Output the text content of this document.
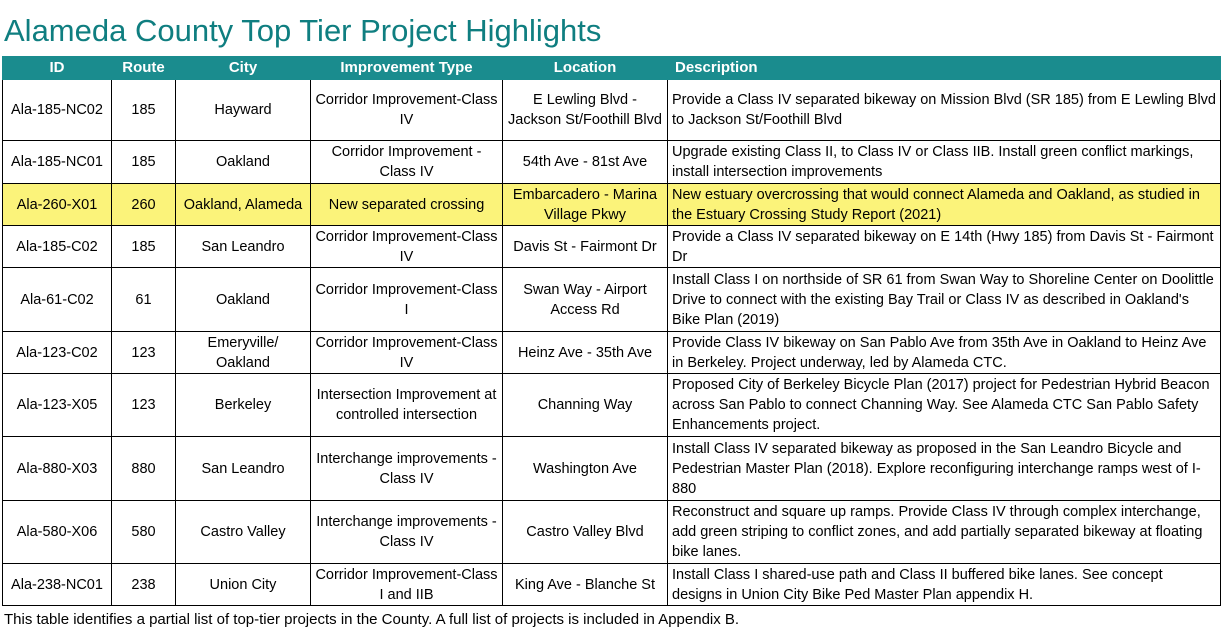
Alameda County Top Tier Project Highlights
ID	Route	City	Improvement Type	Location	Description
Ala-185-NC02	185	Hayward	Corridor Improvement-Class IV	E Lewling Blvd - Jackson St/Foothill Blvd	Provide a Class IV separated bikeway on Mission Blvd (SR 185) from E Lewling Blvd to Jackson St/Foothill Blvd
Ala-185-NC01	185	Oakland	Corridor Improvement - Class IV	54th Ave - 81st Ave	Upgrade existing Class II, to Class IV or Class IIB. Install green conflict markings, install intersection improvements
Ala-260-X01	260	Oakland, Alameda	New separated crossing	Embarcadero - Marina Village Pkwy	New estuary overcrossing that would connect Alameda and Oakland, as studied in the Estuary Crossing Study Report (2021)
Ala-185-C02	185	San Leandro	Corridor Improvement-Class IV	Davis St - Fairmont Dr	Provide a Class IV separated bikeway on E 14th (Hwy 185) from Davis St - Fairmont Dr
Ala-61-C02	61	Oakland	Corridor Improvement-Class I	Swan Way - Airport Access Rd	Install Class I on northside of SR 61 from Swan Way to Shoreline Center on Doolittle Drive to connect with the existing Bay Trail or Class IV as described in Oakland's Bike Plan (2019)
Ala-123-C02	123	Emeryville/ Oakland	Corridor Improvement-Class IV	Heinz Ave - 35th Ave	Provide Class IV bikeway on San Pablo Ave from 35th Ave in Oakland to Heinz Ave in Berkeley. Project underway, led by Alameda CTC.
Ala-123-X05	123	Berkeley	Intersection Improvement at controlled intersection	Channing Way	Proposed City of Berkeley Bicycle Plan (2017) project for Pedestrian Hybrid Beacon across San Pablo to connect Channing Way. See Alameda CTC San Pablo Safety Enhancements project.
Ala-880-X03	880	San Leandro	Interchange improvements - Class IV	Washington Ave	Install Class IV separated bikeway as proposed in the San Leandro Bicycle and Pedestrian Master Plan (2018). Explore reconfiguring interchange ramps west of I-880
Ala-580-X06	580	Castro Valley	Interchange improvements - Class IV	Castro Valley Blvd	Reconstruct and square up ramps. Provide Class IV through complex interchange, add green striping to conflict zones, and add partially separated bikeway at floating bike lanes.
Ala-238-NC01	238	Union City	Corridor Improvement-Class I and IIB	King Ave - Blanche St	Install Class I shared-use path and Class II buffered bike lanes. See concept designs in Union City Bike Ped Master Plan appendix H.
This table identifies a partial list of top-tier projects in the County. A full list of projects is included in Appendix B.
